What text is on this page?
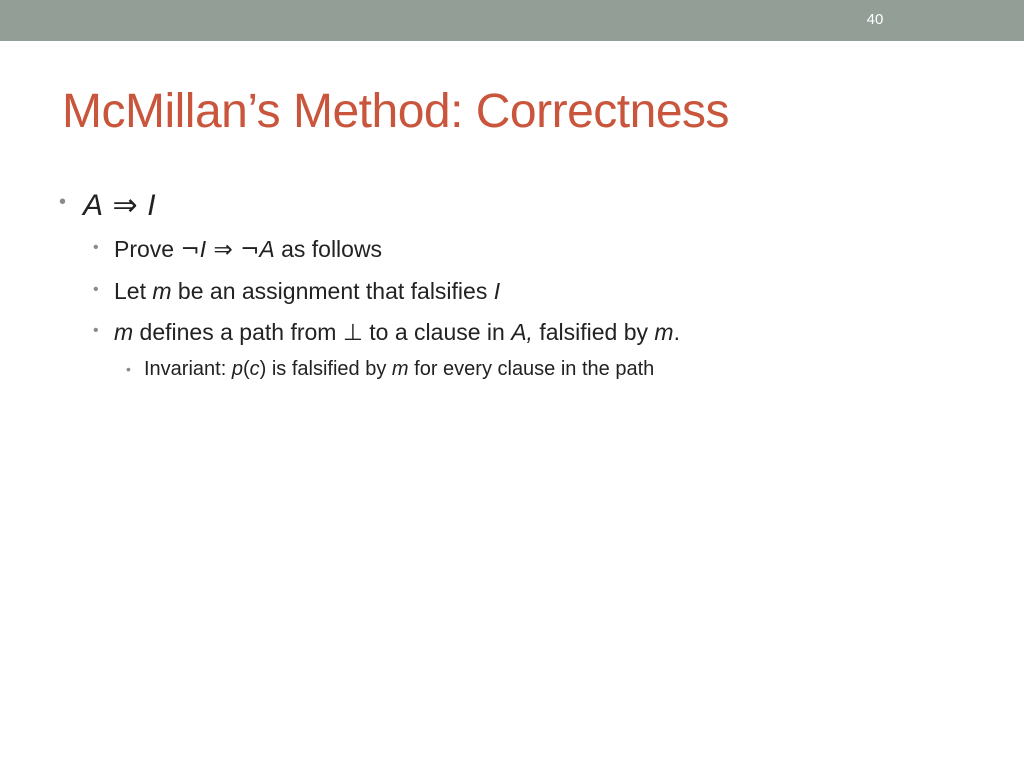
40
McMillan’s Method: Correctness
• A ⇒ I
• Prove ¬I ⇒ ¬A as follows
• Let m be an assignment that falsifies I
• m defines a path from ⊥ to a clause in A, falsified by m.
• Invariant: p(c) is falsified by m for every clause in the path
